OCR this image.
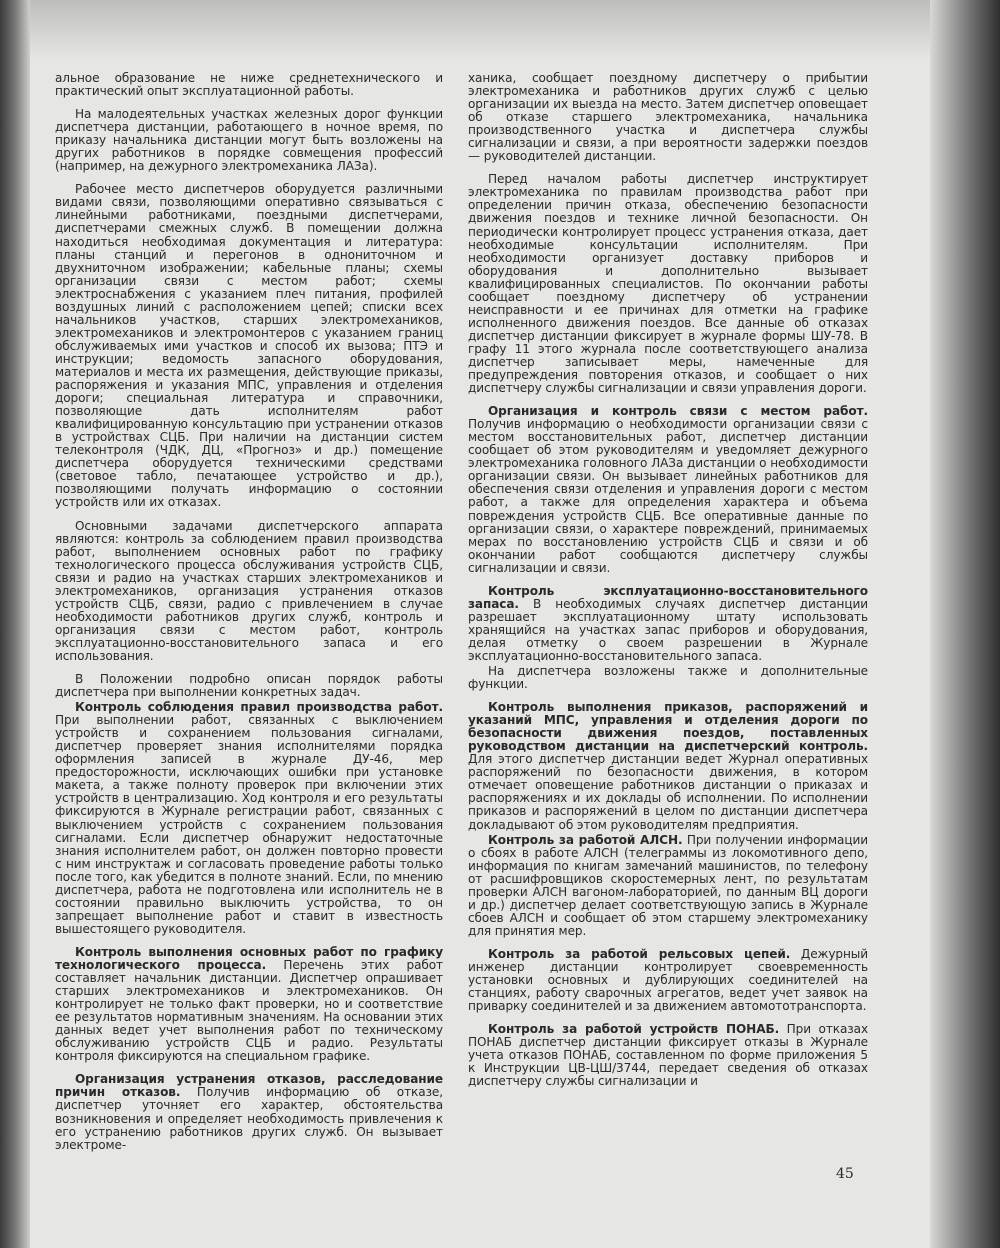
альное образование не ниже среднетехнического и практический опыт эксплуатационной работы.

На малодеятельных участках железных дорог функции диспетчера дистанции, работающего в ночное время, по приказу начальника дистанции могут быть возложены на других работников в порядке совмещения профессий (например, на дежурного электромеханика ЛАЗа).

Рабочее место диспетчеров оборудуется различными видами связи, позволяющими оперативно связываться с линейными работниками, поездными диспетчерами, диспетчерами смежных служб. В помещении должна находиться необходимая документация и литература: планы станций и перегонов в однониточном и двухниточном изображении; кабельные планы; схемы организации связи с местом работ; схемы электроснабжения с указанием плеч питания, профилей воздушных линий с расположением цепей; списки всех начальников участков, старших электромехаников, электромехаников и электромонтеров с указанием границ обслуживаемых ими участков и способ их вызова; ПТЭ и инструкции; ведомость запасного оборудования, материалов и места их размещения, действующие приказы, распоряжения и указания МПС, управления и отделения дороги; специальная литература и справочники, позволяющие дать исполнителям работ квалифицированную консультацию при устранении отказов в устройствах СЦБ. При наличии на дистанции систем телеконтроля (ЧДК, ДЦ, «Прогноз» и др.) помещение диспетчера оборудуется техническими средствами (световое табло, печатающее устройство и др.), позволяющими получать информацию о состоянии устройств или их отказах.

Основными задачами диспетчерского аппарата являются: контроль за соблюдением правил производства работ, выполнением основных работ по графику технологического процесса обслуживания устройств СЦБ, связи и радио на участках старших электромехаников и электромехаников, организация устранения отказов устройств СЦБ, связи, радио с привлечением в случае необходимости работников других служб, контроль и организация связи с местом работ, контроль эксплуатационно-восстановительного запаса и его использования.

В Положении подробно описан порядок работы диспетчера при выполнении конкретных задач.

Контроль соблюдения правил производства работ. При выполнении работ, связанных с выключением устройств и сохранением пользования сигналами, диспетчер проверяет знания исполнителями порядка оформления записей в журнале ДУ-46, мер предосторожности, исключающих ошибки при установке макета, а также полноту проверок при включении этих устройств в централизацию. Ход контроля и его результаты фиксируются в Журнале регистрации работ, связанных с выключением устройств с сохранением пользования сигналами. Если диспетчер обнаружит недостаточные знания исполнителем работ, он должен повторно провести с ним инструктаж и согласовать проведение работы только после того, как убедится в полноте знаний. Если, по мнению диспетчера, работа не подготовлена или исполнитель не в состоянии правильно выключить устройства, то он запрещает выполнение работ и ставит в известность вышестоящего руководителя.

Контроль выполнения основных работ по графику технологического процесса. Перечень этих работ составляет начальник дистанции. Диспетчер опрашивает старших электромехаников и электромехаников. Он контролирует не только факт проверки, но и соответствие ее результатов нормативным значениям. На основании этих данных ведет учет выполнения работ по техническому обслуживанию устройств СЦБ и радио. Результаты контроля фиксируются на специальном графике.

Организация устранения отказов, расследование причин отказов. Получив информацию об отказе, диспетчер уточняет его характер, обстоятельства возникновения и определяет необходимость привлечения к его устранению работников других служб. Он вызывает электроме-

ханика, сообщает поездному диспетчеру о прибытии электромеханика и работников других служб с целью организации их выезда на место. Затем диспетчер оповещает об отказе старшего электромеханика, начальника производственного участка и диспетчера службы сигнализации и связи, а при вероятности задержки поездов — руководителей дистанции.

Перед началом работы диспетчер инструктирует электромеханика по правилам производства работ при определении причин отказа, обеспечению безопасности движения поездов и технике личной безопасности. Он периодически контролирует процесс устранения отказа, дает необходимые консультации исполнителям. При необходимости организует доставку приборов и оборудования и дополнительно вызывает квалифицированных специалистов. По окончании работы сообщает поездному диспетчеру об устранении неисправности и ее причинах для отметки на графике исполненного движения поездов. Все данные об отказах диспетчер дистанции фиксирует в журнале формы ШУ-78. В графу 11 этого журнала после соответствующего анализа диспетчер записывает меры, намеченные для предупреждения повторения отказов, и сообщает о них диспетчеру службы сигнализации и связи управления дороги.

Организация и контроль связи с местом работ. Получив информацию о необходимости организации связи с местом восстановительных работ, диспетчер дистанции сообщает об этом руководителям и уведомляет дежурного электромеханика головного ЛАЗа дистанции о необходимости организации связи. Он вызывает линейных работников для обеспечения связи отделения и управления дороги с местом работ, а также для определения характера и объема повреждения устройств СЦБ. Все оперативные данные по организации связи, о характере повреждений, принимаемых мерах по восстановлению устройств СЦБ и связи и об окончании работ сообщаются диспетчеру службы сигнализации и связи.

Контроль эксплуатационно-восстановительного запаса. В необходимых случаях диспетчер дистанции разрешает эксплуатационному штату использовать хранящийся на участках запас приборов и оборудования, делая отметку о своем разрешении в Журнале эксплуатационно-восстановительного запаса.

На диспетчера возложены также и дополнительные функции.

Контроль выполнения приказов, распоряжений и указаний МПС, управления и отделения дороги по безопасности движения поездов, поставленных руководством дистанции на диспетчерский контроль. Для этого диспетчер дистанции ведет Журнал оперативных распоряжений по безопасности движения, в котором отмечает оповещение работников дистанции о приказах и распоряжениях и их доклады об исполнении. По исполнении приказов и распоряжений в целом по дистанции диспетчера докладывают об этом руководителям предприятия.

Контроль за работой АЛСН. При получении информации о сбоях в работе АЛСН (телеграммы из локомотивного депо, информация по книгам замечаний машинистов, по телефону от расшифровщиков скоростемерных лент, по результатам проверки АЛСН вагоном-лабораторией, по данным ВЦ дороги и др.) диспетчер делает соответствующую запись в Журнале сбоев АЛСН и сообщает об этом старшему электромеханику для принятия мер.

Контроль за работой рельсовых цепей. Дежурный инженер дистанции контролирует своевременность установки основных и дублирующих соединителей на станциях, работу сварочных агрегатов, ведет учет заявок на приварку соединителей и за движением автомототранспорта.

Контроль за работой устройств ПОНАБ. При отказах ПОНАБ диспетчер дистанции фиксирует отказы в Журнале учета отказов ПОНАБ, составленном по форме приложения 5 к Инструкции ЦВ-ЦШ/3744, передает сведения об отказах диспетчеру службы сигнализации и

45
